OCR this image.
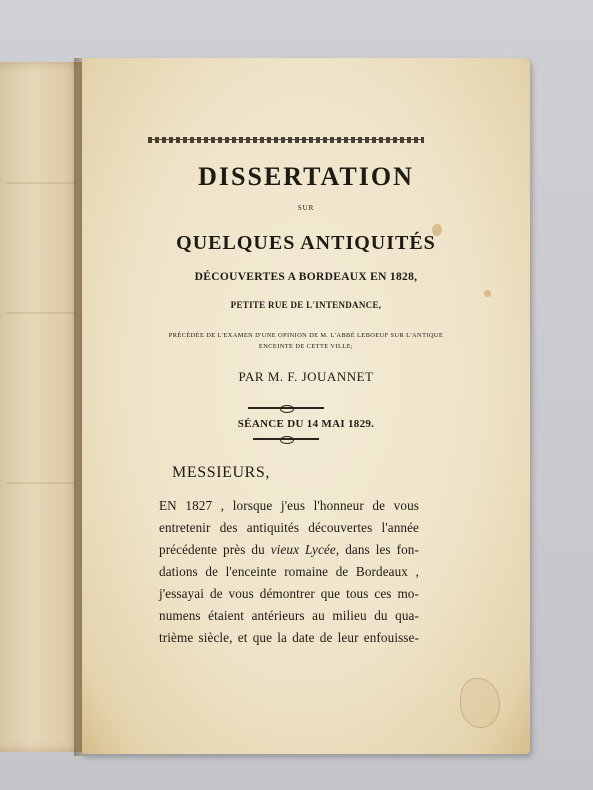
DISSERTATION
SUR
QUELQUES ANTIQUITÉS
DÉCOUVERTES A BORDEAUX EN 1828,
PETITE RUE DE L'INTENDANCE,
PRÉCÉDÉE DE L'EXAMEN D'UNE OPINION DE M. L'ABBÉ LEBOEUF SUR L'ANTIQUE
ENCEINTE DE CETTE VILLE;
PAR M. F. JOUANNET
SÉANCE DU 14 MAI 1829.
MESSIEURS,
EN 1827 , lorsque j'eus l'honneur de vous
entretenir des antiquités découvertes l'année
précédente près du vieux Lycée, dans les fon-
dations de l'enceinte romaine de Bordeaux ,
j'essayai de vous démontrer que tous ces mo-
numens étaient antérieurs au milieu du qua-
trième siècle, et que la date de leur enfouisse-
